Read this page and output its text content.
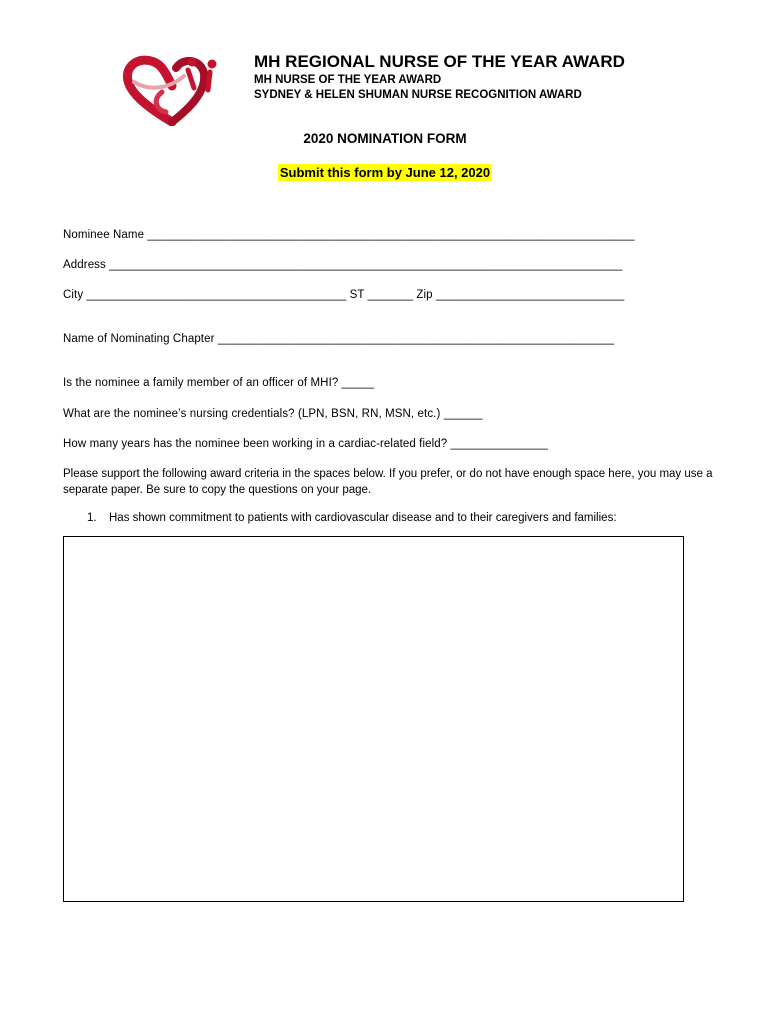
MH REGIONAL NURSE OF THE YEAR AWARD
MH NURSE OF THE YEAR AWARD
SYDNEY & HELEN SHUMAN NURSE RECOGNITION AWARD
2020 NOMINATION FORM
Submit this form by June 12, 2020
Nominee Name ___________________________________________________________________________
Address _______________________________________________________________________________
City ________________________________________ ST _______ Zip _____________________________
Name of Nominating Chapter _____________________________________________________________
Is the nominee a family member of an officer of MHI? _____
What are the nominee’s nursing credentials? (LPN, BSN, RN, MSN, etc.) ______
How many years has the nominee been working in a cardiac-related field? _______________
Please support the following award criteria in the spaces below. If you prefer, or do not have enough space here, you may use a separate paper. Be sure to copy the questions on your page.
1. Has shown commitment to patients with cardiovascular disease and to their caregivers and families:
